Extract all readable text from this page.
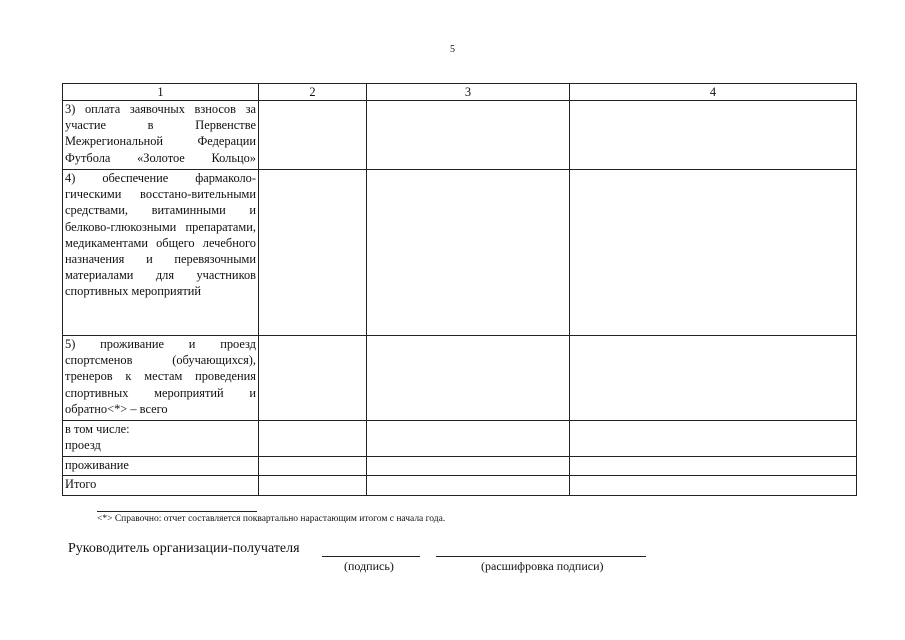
5
1	2	3	4
3) оплата заявочных взносов за участие в Первенстве Межрегиональной Федерации Футбола «Золотое Кольцо»			
4) обеспечение фармаколо-гическими восстано-вительными средствами, витаминными и белково-глюкозными препаратами, медикаментами общего лечебного назначения и перевязочными материалами для участников спортивных мероприятий			
5) проживание и проезд спортсменов (обучающихся), тренеров к местам проведения спортивных мероприятий и обратно<*> – всего			
в том числе:
проезд			
проживание			
Итого			
<*> Справочно: отчет составляется поквартально нарастающим итогом с начала года.
Руководитель организации-получателя
(подпись)	(расшифровка подписи)
